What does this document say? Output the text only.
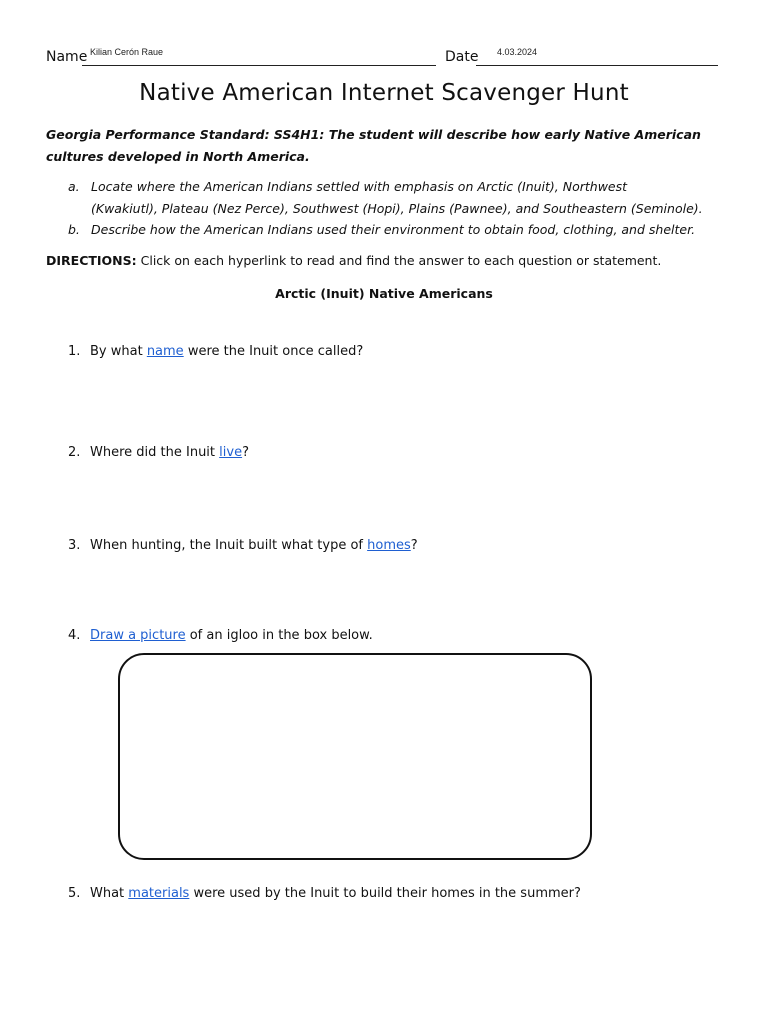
Name Kilian Cerón Raue	Date 4.03.2024
Native American Internet Scavenger Hunt
Georgia Performance Standard: SS4H1: The student will describe how early Native American
cultures developed in North America.
a. Locate where the American Indians settled with emphasis on Arctic (Inuit), Northwest
(Kwakiutl), Plateau (Nez Perce), Southwest (Hopi), Plains (Pawnee), and Southeastern (Seminole).
b. Describe how the American Indians used their environment to obtain food, clothing, and shelter.
DIRECTIONS: Click on each hyperlink to read and find the answer to each question or statement.
Arctic (Inuit) Native Americans
1. By what name were the Inuit once called?
2. Where did the Inuit live?
3. When hunting, the Inuit built what type of homes?
4. Draw a picture of an igloo in the box below.
5. What materials were used by the Inuit to build their homes in the summer?
